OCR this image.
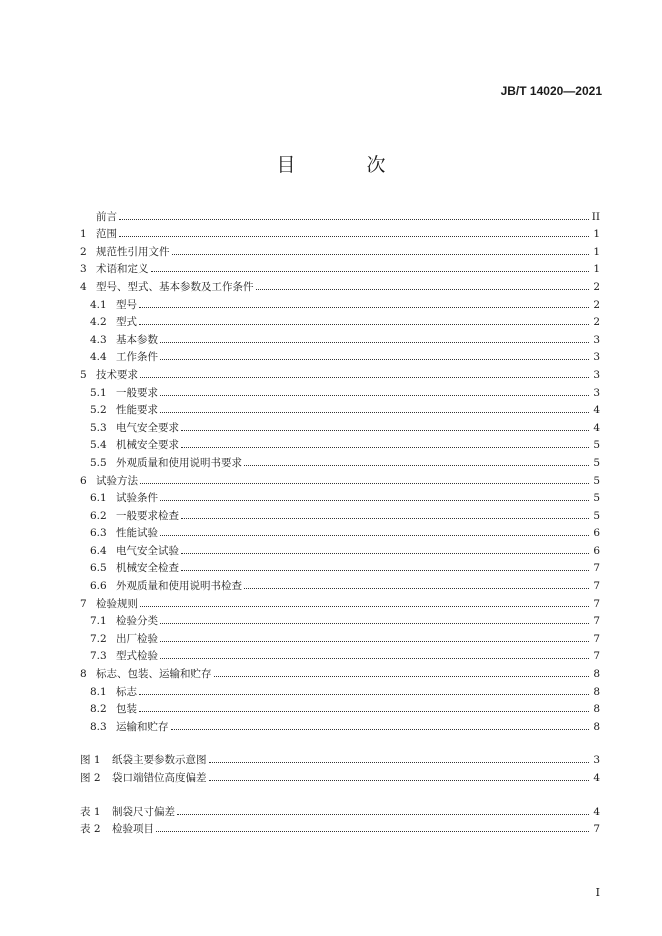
JB/T 14020—2021
目　次
前言	II
1 范围	1
2 规范性引用文件	1
3 术语和定义	1
4 型号、型式、基本参数及工作条件	2
4.1 型号	2
4.2 型式	2
4.3 基本参数	3
4.4 工作条件	3
5 技术要求	3
5.1 一般要求	3
5.2 性能要求	4
5.3 电气安全要求	4
5.4 机械安全要求	5
5.5 外观质量和使用说明书要求	5
6 试验方法	5
6.1 试验条件	5
6.2 一般要求检查	5
6.3 性能试验	6
6.4 电气安全试验	6
6.5 机械安全检查	7
6.6 外观质量和使用说明书检查	7
7 检验规则	7
7.1 检验分类	7
7.2 出厂检验	7
7.3 型式检验	7
8 标志、包装、运输和贮存	8
8.1 标志	8
8.2 包装	8
8.3 运输和贮存	8
图 1	纸袋主要参数示意图	3
图 2	袋口端错位高度偏差	4
表 1	制袋尺寸偏差	4
表 2	检验项目	7
I
